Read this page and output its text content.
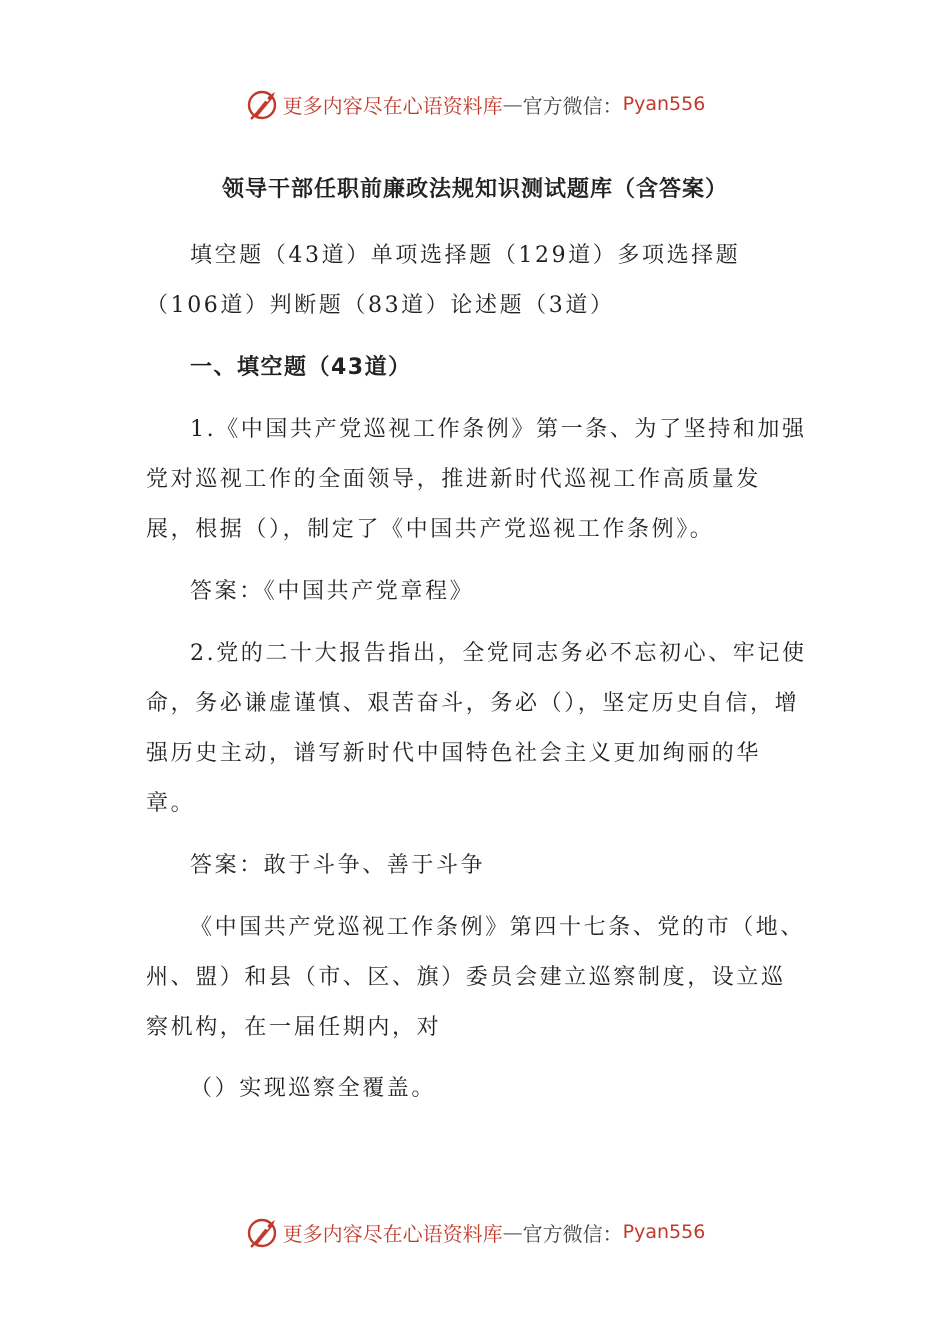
更多内容尽在心语资料库 — 官方微信： Pyan556
领导干部任职前廉政法规知识测试题库（含答案）

填空题（43道）单项选择题（129道）多项选择题（106道）判断题（83道）论述题（3道）

一、填空题（43道）

1.《中国共产党巡视工作条例》第一条、为了坚持和加强党对巡视工作的全面领导，推进新时代巡视工作高质量发展，根据（），制定了《中国共产党巡视工作条例》。

答案：《中国共产党章程》

2.党的二十大报告指出，全党同志务必不忘初心、牢记使命，务必谦虚谨慎、艰苦奋斗，务必（），坚定历史自信，增强历史主动，谱写新时代中国特色社会主义更加绚丽的华章。

答案：敢于斗争、善于斗争

《中国共产党巡视工作条例》第四十七条、党的市（地、州、盟）和县（市、区、旗）委员会建立巡察制度，设立巡察机构，在一届任期内，对

（）实现巡察全覆盖。

更多内容尽在心语资料库 — 官方微信： Pyan556
